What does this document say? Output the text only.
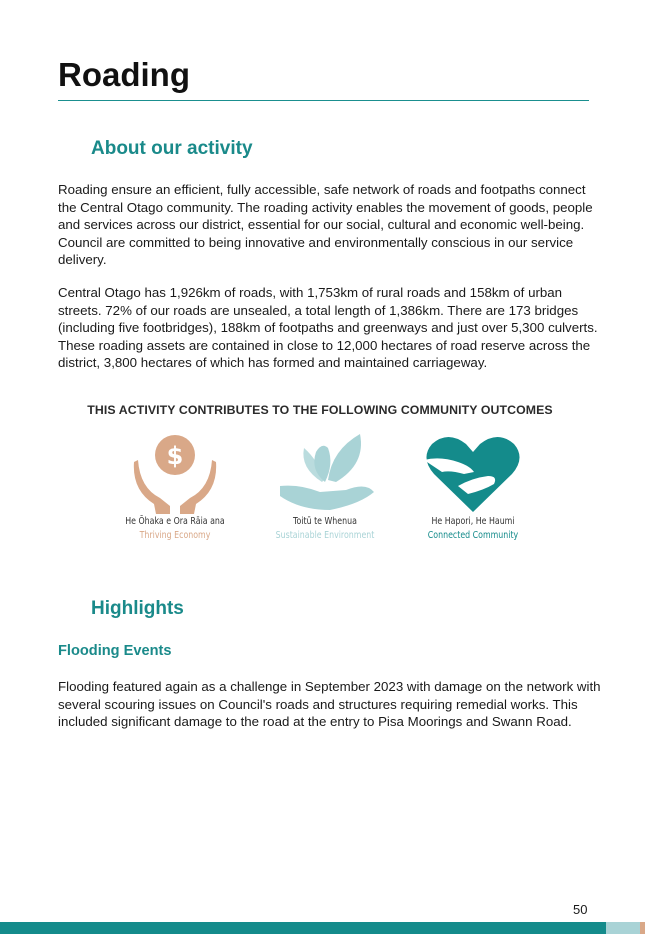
Roading
About our activity

Roading ensure an efficient, fully accessible, safe network of roads and footpaths connect the Central Otago community. The roading activity enables the movement of goods, people and services across our district, essential for our social, cultural and economic well-being. Council are committed to being innovative and environmentally conscious in our service delivery.

Central Otago has 1,926km of roads, with 1,753km of rural roads and 158km of urban streets. 72% of our roads are unsealed, a total length of 1,386km. There are 173 bridges (including five footbridges), 188km of footpaths and greenways and just over 5,300 culverts. These roading assets are contained in close to 12,000 hectares of road reserve across the district, 3,800 hectares of which has formed and maintained carriageway.

THIS ACTIVITY CONTRIBUTES TO THE FOLLOWING COMMUNITY OUTCOMES
$
He Ōhaka e Ora Rāia ana
Thriving Economy
Toitū te Whenua
Sustainable Environment
He Hapori, He Haumi
Connected Community
Highlights
Flooding Events

Flooding featured again as a challenge in September 2023 with damage on the network with several scouring issues on Council's roads and structures requiring remedial works. This included significant damage to the road at the entry to Pisa Moorings and Swann Road.

50
